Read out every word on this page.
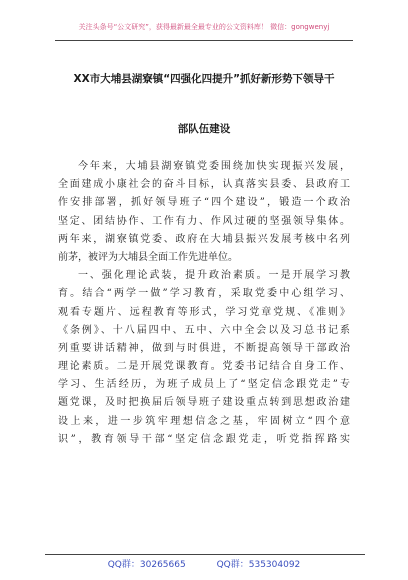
关注头条号“公文研究”，获得最新最全最专业的公文资料库！ 微信：gongwenyj
XX市大埔县湖寮镇“四强化四提升”抓好新形势下领导干
部队伍建设
今年来，大埔县湖寮镇党委围绕加快实现振兴发展，
全面建成小康社会的奋斗目标，认真落实县委、县政府工
作安排部署，抓好领导班子“四个建设”，锻造一个政治
坚定、团结协作、工作有力、作风过硬的坚强领导集体。
两年来，湖寮镇党委、政府在大埔县振兴发展考核中名列
前茅，被评为大埔县全面工作先进单位。
一、强化理论武装，提升政治素质。一是开展学习教
育。结合“两学一做”学习教育，采取党委中心组学习、
观看专题片、远程教育等形式，学习党章党规、《准则》
《条例》、十八届四中、五中、六中全会以及习总书记系
列重要讲话精神，做到与时俱进，不断提高领导干部政治
理论素质。二是开展党课教育。党委书记结合自身工作、
学习、生活经历，为班子成员上了“坚定信念跟党走”专
题党课，及时把换届后领导班子建设重点转到思想政治建
设上来，进一步筑牢理想信念之基，牢固树立“四个意
识”，教育领导干部“坚定信念跟党走，听党指挥路实
QQ群：30265665	QQ群：535304092
